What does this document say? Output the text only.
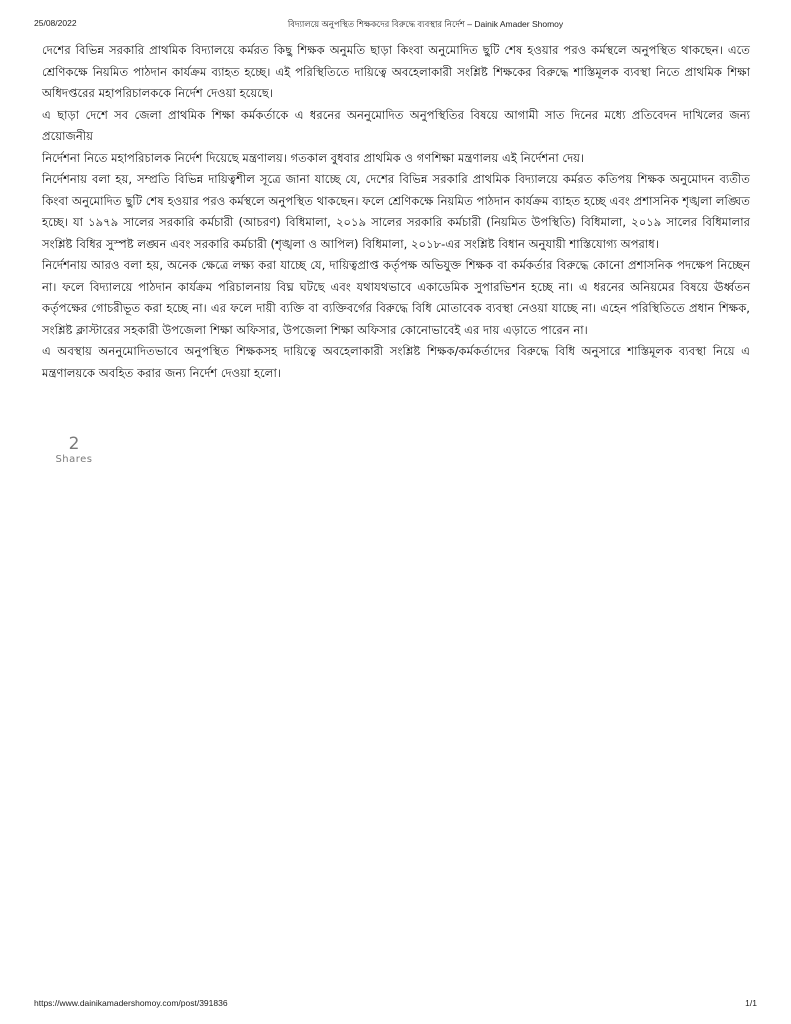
25/08/2022	বিদ্যালয়ে অনুপস্থিত শিক্ষকদের বিরুদ্ধে ব্যবস্থার নির্দেশ – Dainik Amader Shomoy

দেশের বিভিন্ন সরকারি প্রাথমিক বিদ্যালয়ে কর্মরত কিছু শিক্ষক অনুমতি ছাড়া কিংবা অনুমোদিত ছুটি শেষ হওয়ার পরও কর্মস্থলে অনুপস্থিত থাকছেন। এতে শ্রেণিকক্ষে নিয়মিত পাঠদান কার্যক্রম ব্যাহত হচ্ছে। এই পরিস্থিতিতে দায়িত্বে অবহেলাকারী সংশ্লিষ্ট শিক্ষকের বিরুদ্ধে শাস্তিমূলক ব্যবস্থা নিতে প্রাথমিক শিক্ষা অধিদপ্তরের মহাপরিচালককে নির্দেশ দেওয়া হয়েছে।

এ ছাড়া দেশে সব জেলা প্রাথমিক শিক্ষা কর্মকর্তাকে এ ধরনের অননুমোদিত অনুপস্থিতির বিষয়ে আগামী সাত দিনের মধ্যে প্রতিবেদন দাখিলের জন্য প্রয়োজনীয়

নির্দেশনা নিতে মহাপরিচালক নির্দেশ দিয়েছে মন্ত্রণালয়। গতকাল বুধবার প্রাথমিক ও গণশিক্ষা মন্ত্রণালয় এই নির্দেশনা দেয়।

নির্দেশনায় বলা হয়, সম্প্রতি বিভিন্ন দায়িত্বশীল সূত্রে জানা যাচ্ছে যে, দেশের বিভিন্ন সরকারি প্রাথমিক বিদ্যালয়ে কর্মরত কতিপয় শিক্ষক অনুমোদন ব্যতীত কিংবা অনুমোদিত ছুটি শেষ হওয়ার পরও কর্মস্থলে অনুপস্থিত থাকছেন। ফলে শ্রেণিকক্ষে নিয়মিত পাঠদান কার্যক্রম ব্যাহত হচ্ছে এবং প্রশাসনিক শৃঙ্খলা লঙ্ঘিত হচ্ছে। যা ১৯৭৯ সালের সরকারি কর্মচারী (আচরণ) বিধিমালা, ২০১৯ সালের সরকারি কর্মচারী (নিয়মিত উপস্থিতি) বিধিমালা, ২০১৯ সালের বিধিমালার সংশ্লিষ্ট বিধির সুস্পষ্ট লঙ্ঘন এবং সরকারি কর্মচারী (শৃঙ্খলা ও আপিল) বিধিমালা, ২০১৮-এর সংশ্লিষ্ট বিধান অনুযায়ী শাস্তিযোগ্য অপরাধ।

নির্দেশনায় আরও বলা হয়, অনেক ক্ষেত্রে লক্ষ্য করা যাচ্ছে যে, দায়িত্বপ্রাপ্ত কর্তৃপক্ষ অভিযুক্ত শিক্ষক বা কর্মকর্তার বিরুদ্ধে কোনো প্রশাসনিক পদক্ষেপ নিচ্ছেন না। ফলে বিদ্যালয়ে পাঠদান কার্যক্রম পরিচালনায় বিঘ্ন ঘটছে এবং যথাযথভাবে একাডেমিক সুপারভিশন হচ্ছে না। এ ধরনের অনিয়মের বিষয়ে ঊর্ধ্বতন কর্তৃপক্ষের গোচরীভূত করা হচ্ছে না। এর ফলে দায়ী ব্যক্তি বা ব্যক্তিবর্গের বিরুদ্ধে বিধি মোতাবেক ব্যবস্থা নেওয়া যাচ্ছে না। এহেন পরিস্থিতিতে প্রধান শিক্ষক, সংশ্লিষ্ট ক্লাস্টারের সহকারী উপজেলা শিক্ষা অফিসার, উপজেলা শিক্ষা অফিসার কোনোভাবেই এর দায় এড়াতে পারেন না।

এ অবস্থায় অননুমোদিতভাবে অনুপস্থিত শিক্ষকসহ দায়িত্বে অবহেলাকারী সংশ্লিষ্ট শিক্ষক/কর্মকর্তাদের বিরুদ্ধে বিধি অনুসারে শাস্তিমূলক ব্যবস্থা নিয়ে এ মন্ত্রণালয়কে অবহিত করার জন্য নির্দেশ দেওয়া হলো।

2
Shares
https://www.dainikamadershomoy.com/post/391836	1/1
